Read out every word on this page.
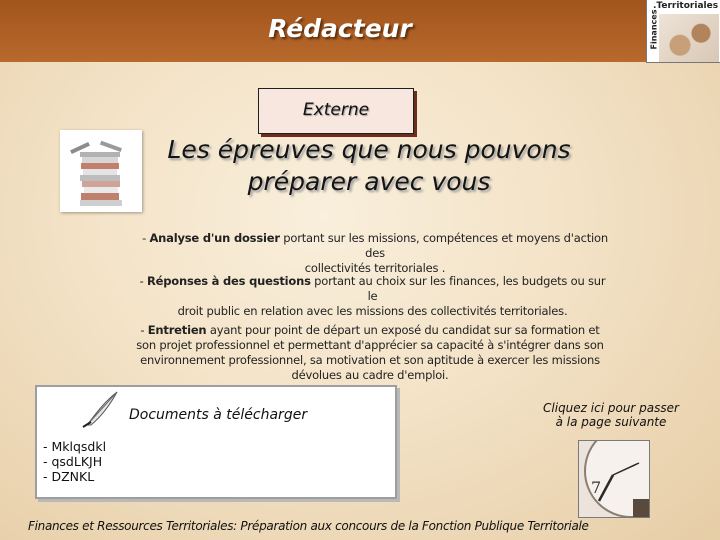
Rédacteur
.Territoriales
Finances
Externe
Les épreuves que nous pouvons
préparer avec vous
- Analyse d'un dossier portant sur les missions, compétences et moyens d'action des
collectivités territoriales .
- Réponses à des questions portant au choix sur les finances, les budgets ou sur le
droit public en relation avec les missions des collectivités territoriales.
- Entretien ayant pour point de départ un exposé du candidat sur sa formation et
son projet professionnel et permettant d'apprécier sa capacité à s'intégrer dans son
environnement professionnel, sa motivation et son aptitude à exercer les missions
dévolues au cadre d'emploi.
Documents à télécharger
- Mklqsdkl
- qsdLKJH
- DZNKL
Cliquez ici pour passer
à la page suivante
7
Finances et Ressources Territoriales: Préparation aux concours de la Fonction Publique Territoriale
